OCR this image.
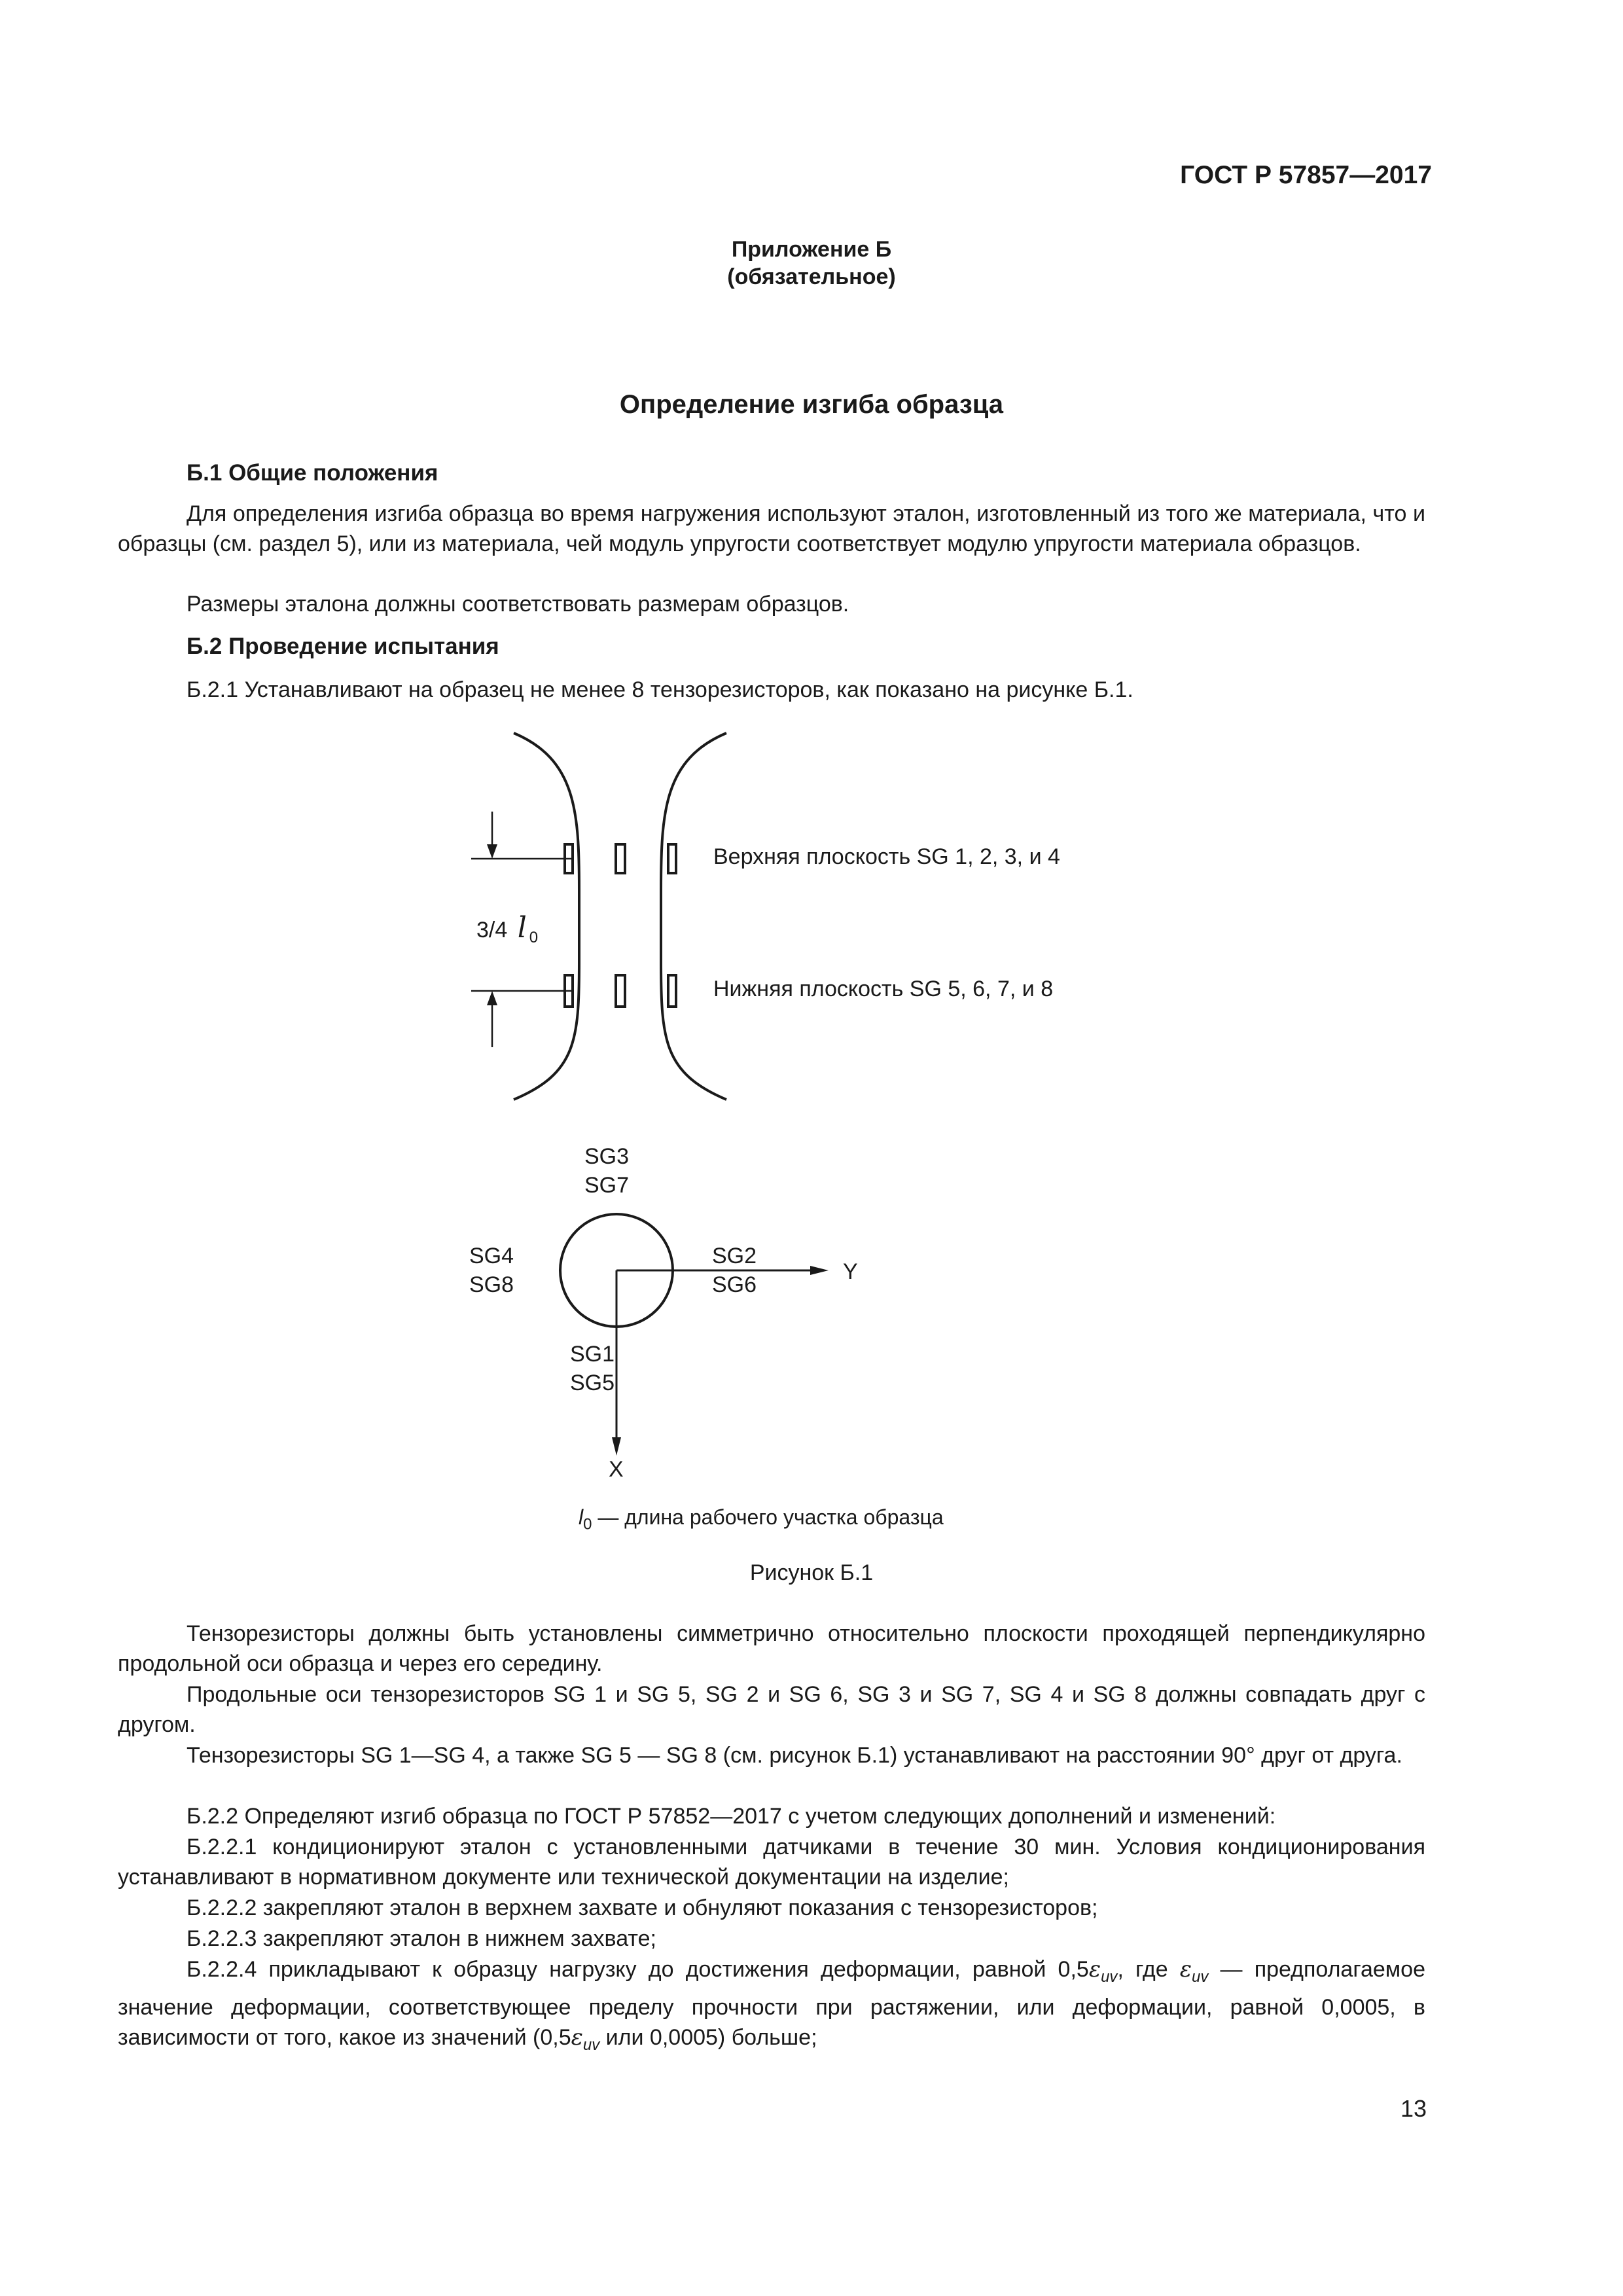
ГОСТ Р 57857—2017
Приложение Б
(обязательное)
Определение изгиба образца
Б.1 Общие положения

Для определения изгиба образца во время нагружения используют эталон, изготовленный из того же материала, что и образцы (см. раздел 5), или из материала, чей модуль упругости соответствует модулю упругости материала образцов.

Размеры эталона должны соответствовать размерам образцов.

Б.2 Проведение испытания

Б.2.1 Устанавливают на образец не менее 8 тензорезисторов, как показано на рисунке Б.1.

Верхняя плоскость SG 1, 2, 3, и 4
Нижняя плоскость SG 5, 6, 7, и 8
3/4 l $_0$
SG3
SG7
SG4
SG8
SG2
SG6
SG1
SG5
Y
X
$l_0$ — длина рабочего участка образца
Рисунок Б.1

Тензорезисторы должны быть установлены симметрично относительно плоскости проходящей перпендикулярно продольной оси образца и через его середину.

Продольные оси тензорезисторов SG 1 и SG 5, SG 2 и SG 6, SG 3 и SG 7, SG 4 и SG 8 должны совпадать друг с другом.

Тензорезисторы SG 1—SG 4, а также SG 5 — SG 8 (см. рисунок Б.1) устанавливают на расстоянии 90° друг от друга.

Б.2.2 Определяют изгиб образца по ГОСТ Р 57852—2017 с учетом следующих дополнений и изменений:

Б.2.2.1 кондиционируют эталон с установленными датчиками в течение 30 мин. Условия кондиционирования устанавливают в нормативном документе или технической документации на изделие;

Б.2.2.2 закрепляют эталон в верхнем захвате и обнуляют показания с тензорезисторов;

Б.2.2.3 закрепляют эталон в нижнем захвате;

Б.2.2.4 прикладывают к образцу нагрузку до достижения деформации, равной $0,5\varepsilon_{uv}$, где $\varepsilon_{uv}$ — предполагаемое значение деформации, соответствующее пределу прочности при растяжении, или деформации, равной 0,0005, в зависимости от того, какое из значений ($0,5\varepsilon_{uv}$ или 0,0005) больше;

13
